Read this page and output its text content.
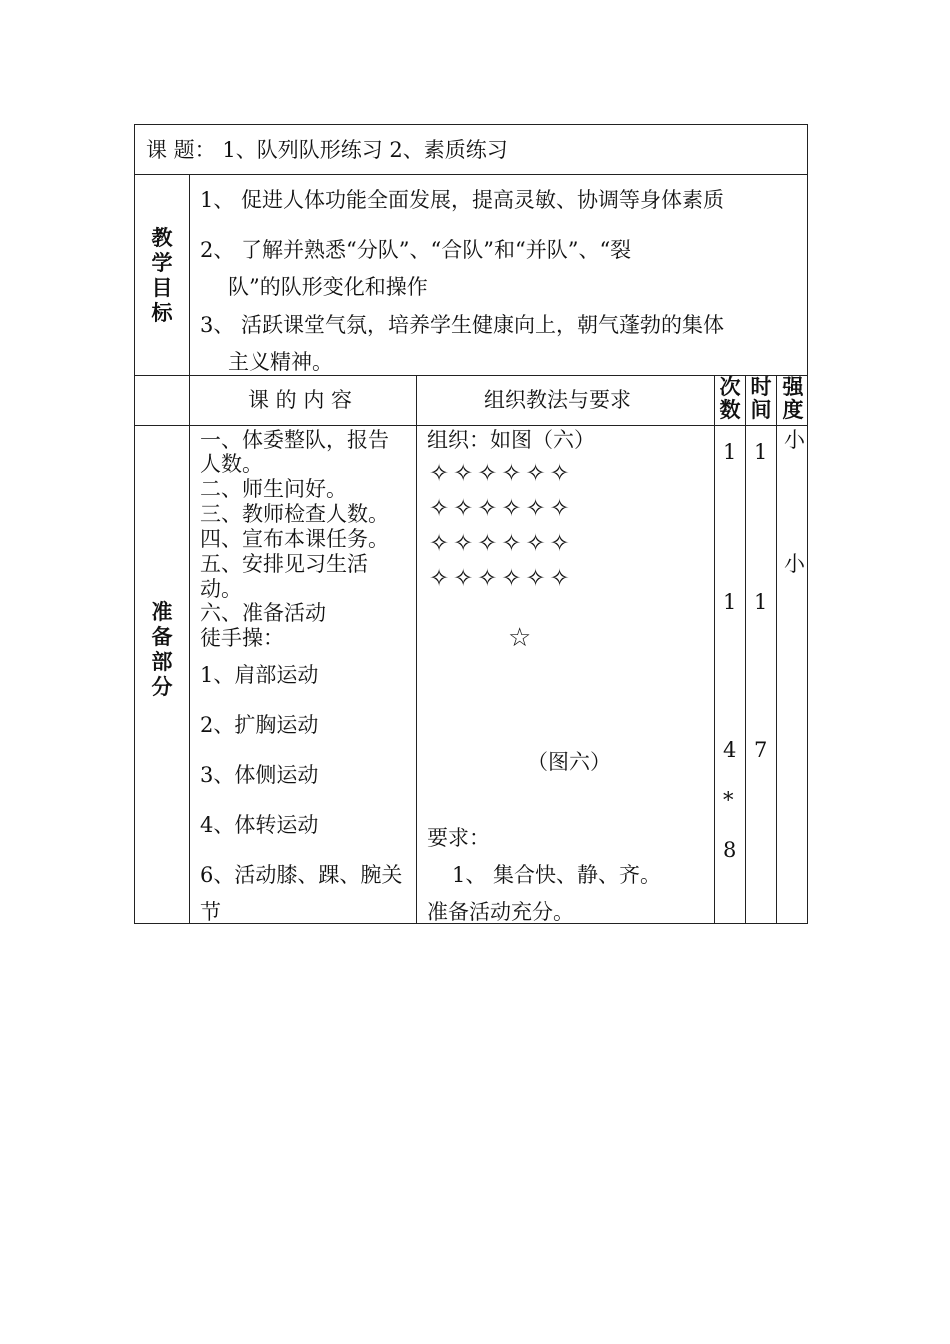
课 题： 1、队列队形练习 2、素质练习
教
学
目
标
1、 促进人体功能全面发展，提高灵敏、协调等身体素质
2、 了解并熟悉“分队”、“合队”和“并队”、“裂
队”的队形变化和操作
3、 活跃课堂气氛，培养学生健康向上，朝气蓬勃的集体
主义精神。
课 的 内 容	组织教法与要求
次
数
时
间
强
度
准
备
部
分
一、体委整队，报告
人数。
二、师生问好。
三、教师检查人数。
四、宣布本课任务。
五、安排见习生活
动。
六、准备活动
徒手操：
1、肩部运动
2、扩胸运动
3、体侧运动
4、体转运动
6、活动膝、踝、腕关
节
组织：如图（六）
✧✧✧✧✧✧
✧✧✧✧✧✧
✧✧✧✧✧✧
✧✧✧✧✧✧
☆
（图六）
要求：
1、 集合快、静、齐。
准备活动充分。
1
1
4
*
8
1
1
7
小
小
